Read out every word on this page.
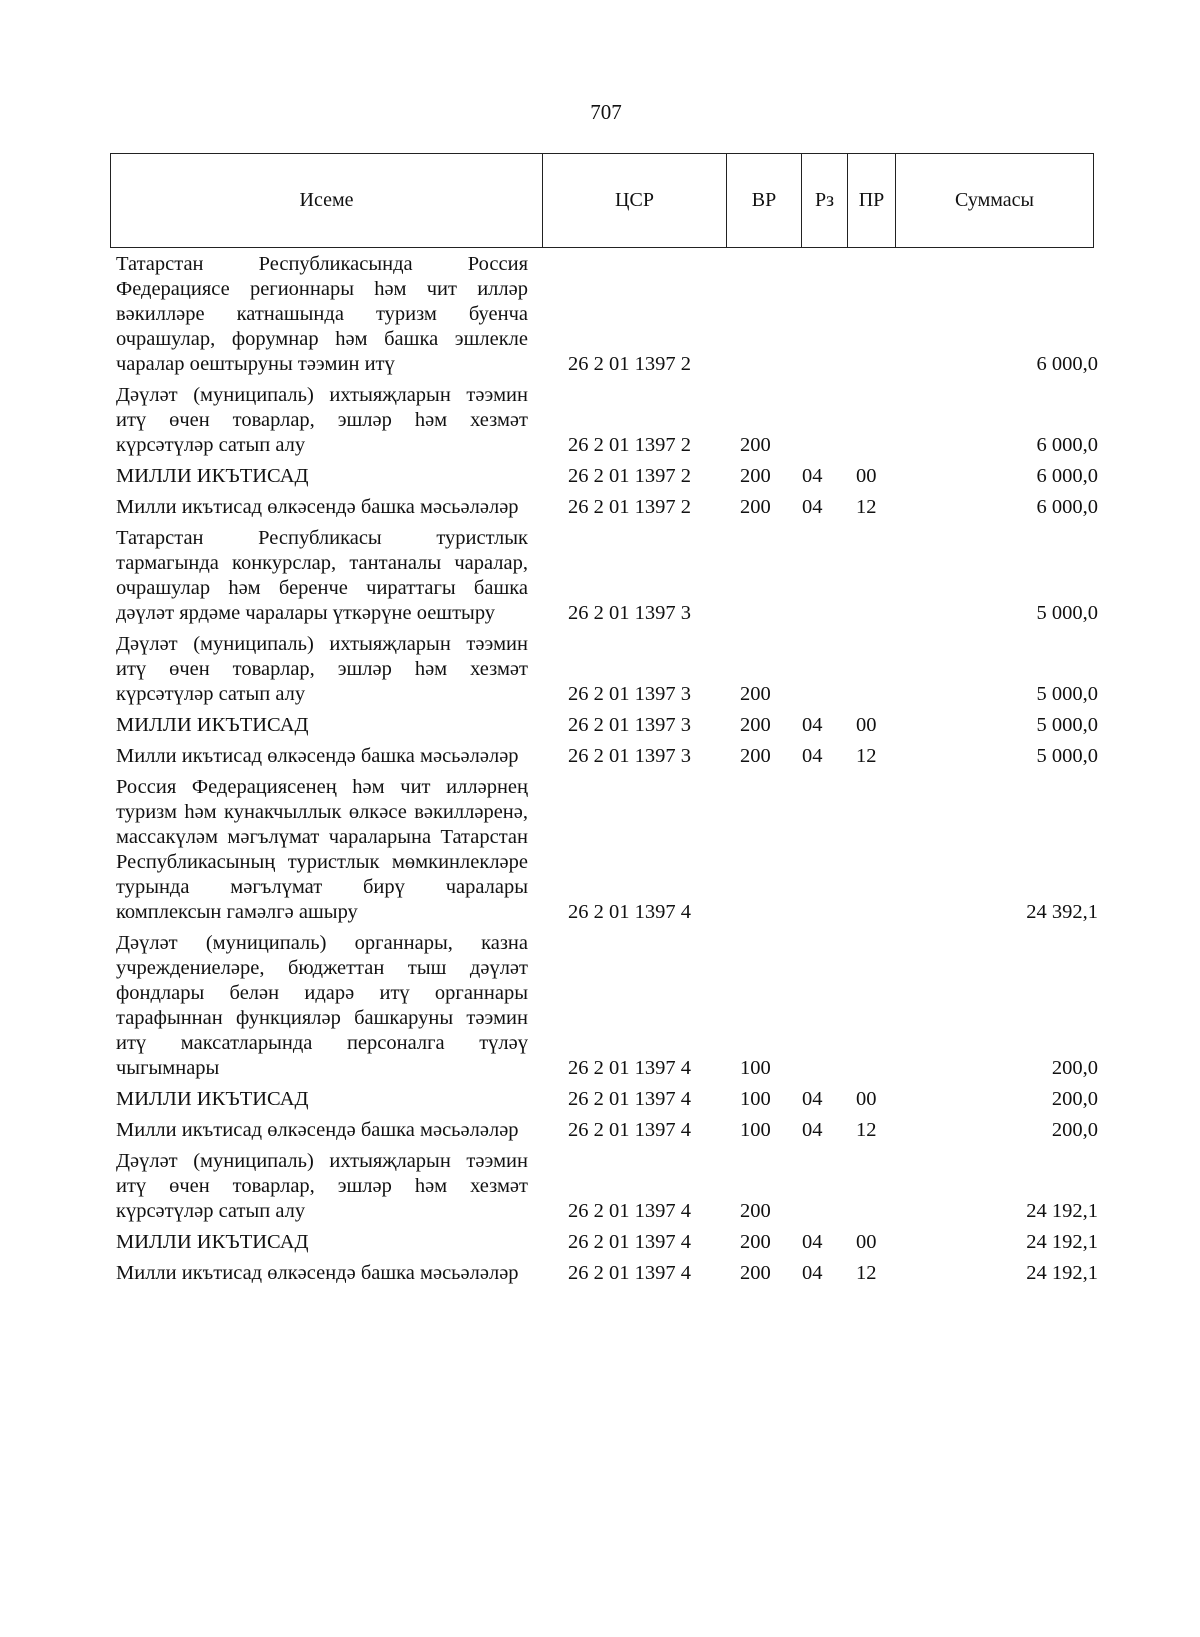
707
Исеме	ЦСР	ВР	Рз	ПР	Суммасы
Татарстан Республикасында Россия Федерациясе регионнары һәм чит илләр вәкилләре катнашында туризм буенча очрашулар, форумнар һәм башка эшлекле чаралар оештыруны тәэмин итү	26 2 01 1397 2				6 000,0
Дәүләт (муниципаль) ихтыяҗларын тәэмин итү өчен товарлар, эшләр һәм хезмәт күрсәтүләр сатып алу	26 2 01 1397 2	200			6 000,0
МИЛЛИ ИКЪТИСАД	26 2 01 1397 2	200	04	00	6 000,0
Милли икътисад өлкәсендә башка мәсьәләләр	26 2 01 1397 2	200	04	12	6 000,0
Татарстан Республикасы туристлык тармагында конкурслар, тантаналы чаралар, очрашулар һәм беренче чираттагы башка дәүләт ярдәме чаралары үткәрүне оештыру	26 2 01 1397 3				5 000,0
Дәүләт (муниципаль) ихтыяҗларын тәэмин итү өчен товарлар, эшләр һәм хезмәт күрсәтүләр сатып алу	26 2 01 1397 3	200			5 000,0
МИЛЛИ ИКЪТИСАД	26 2 01 1397 3	200	04	00	5 000,0
Милли икътисад өлкәсендә башка мәсьәләләр	26 2 01 1397 3	200	04	12	5 000,0
Россия Федерациясенең һәм чит илләрнең туризм һәм кунакчыллык өлкәсе вәкилләренә, массакүләм мәгълүмат чараларына Татарстан Республикасының туристлык мөмкинлекләре турында мәгълүмат бирү чаралары комплексын гамәлгә ашыру	26 2 01 1397 4				24 392,1
Дәүләт (муниципаль) органнары, казна учреждениеләре, бюджеттан тыш дәүләт фондлары белән идарә итү органнары тарафыннан функцияләр башкаруны тәэмин итү максатларында персоналга түләү чыгымнары	26 2 01 1397 4	100			200,0
МИЛЛИ ИКЪТИСАД	26 2 01 1397 4	100	04	00	200,0
Милли икътисад өлкәсендә башка мәсьәләләр	26 2 01 1397 4	100	04	12	200,0
Дәүләт (муниципаль) ихтыяҗларын тәэмин итү өчен товарлар, эшләр һәм хезмәт күрсәтүләр сатып алу	26 2 01 1397 4	200			24 192,1
МИЛЛИ ИКЪТИСАД	26 2 01 1397 4	200	04	00	24 192,1
Милли икътисад өлкәсендә башка мәсьәләләр	26 2 01 1397 4	200	04	12	24 192,1
